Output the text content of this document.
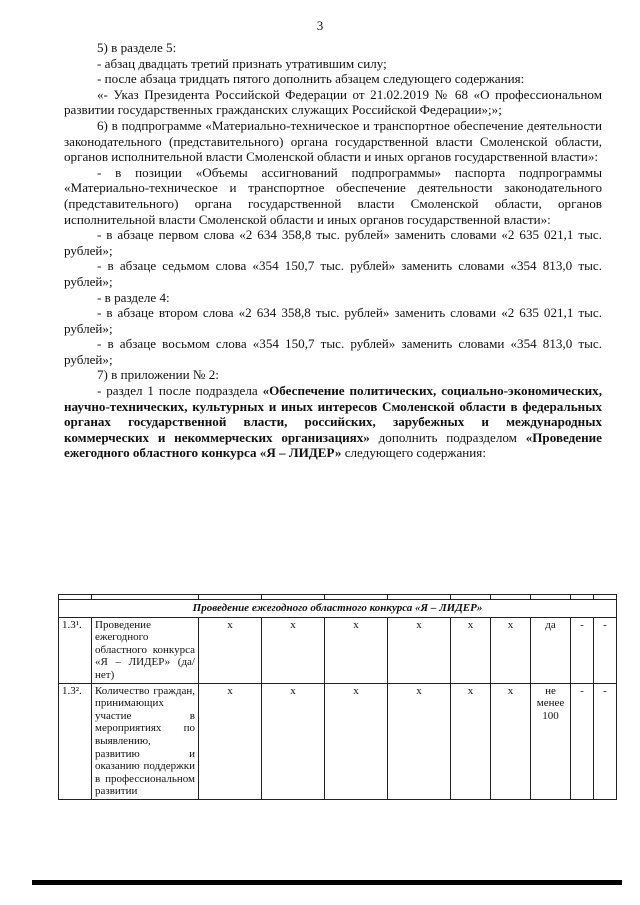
3

5) в разделе 5:

- абзац двадцать третий признать утратившим силу;

- после абзаца тридцать пятого дополнить абзацем следующего содержания:

«- Указ Президента Российской Федерации от 21.02.2019 № 68 «О профессиональном развитии государственных гражданских служащих Российской Федерации»;»;

6) в подпрограмме «Материально-техническое и транспортное обеспечение деятельности законодательного (представительного) органа государственной власти Смоленской области, органов исполнительной власти Смоленской области и иных органов государственной власти»:

- в позиции «Объемы ассигнований подпрограммы» паспорта подпрограммы «Материально-техническое и транспортное обеспечение деятельности законодательного (представительного) органа государственной власти Смоленской области, органов исполнительной власти Смоленской области и иных органов государственной власти»:

- в абзаце первом слова «2 634 358,8 тыс. рублей» заменить словами «2 635 021,1 тыс. рублей»;

- в абзаце седьмом слова «354 150,7 тыс. рублей» заменить словами «354 813,0 тыс. рублей»;

- в разделе 4:

- в абзаце втором слова «2 634 358,8 тыс. рублей» заменить словами «2 635 021,1 тыс. рублей»;

- в абзаце восьмом слова «354 150,7 тыс. рублей» заменить словами «354 813,0 тыс. рублей»;

7) в приложении № 2:

- раздел 1 после подраздела «Обеспечение политических, социально-экономических, научно-технических, культурных и иных интересов Смоленской области в федеральных органах государственной власти, российских, зарубежных и международных коммерческих и некоммерческих организациях» дополнить подразделом «Проведение ежегодного областного конкурса «Я – ЛИДЕР» следующего содержания:

Проведение ежегодного областного конкурса «Я – ЛИДЕР»										
1.3¹.	Проведение ежегодного областного конкурса «Я – ЛИДЕР» (да/нет)	х	х	х	х	х	х	да	-	-
1.3².	Количество граждан, принимающих участие в мероприятиях по выявлению, развитию и оказанию поддержки в профессиональном развитии	х	х	х	х	х	х	не менее 100	-	-
